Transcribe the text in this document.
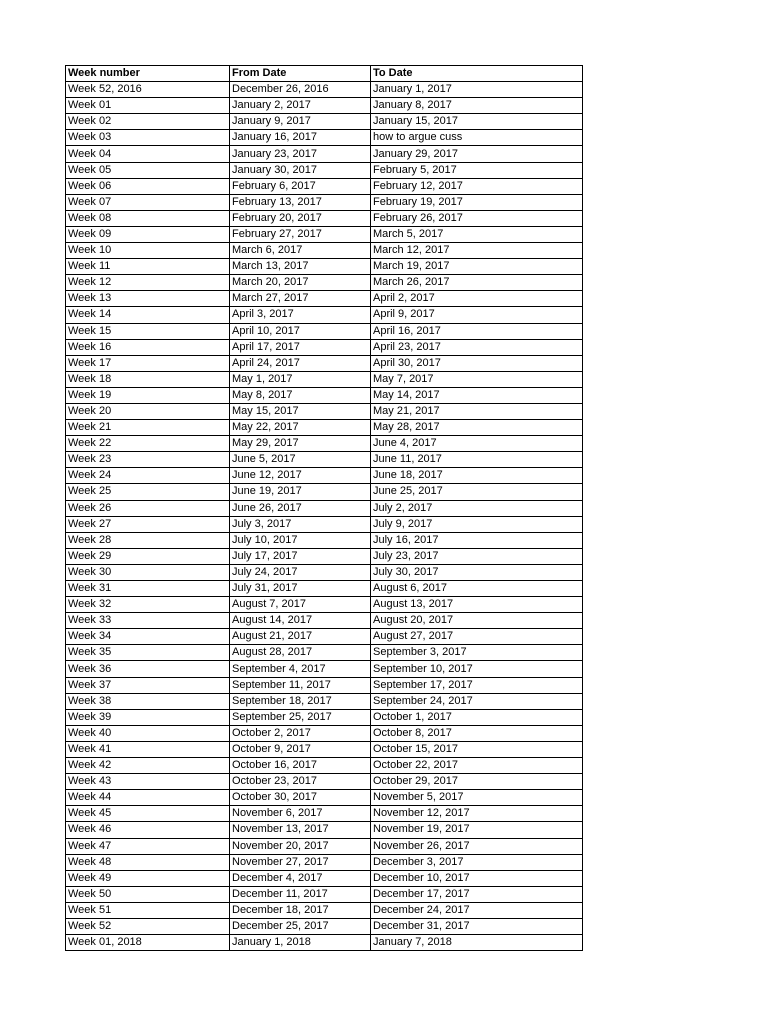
Week number	From Date	To Date
Week 52, 2016	December 26, 2016	January 1, 2017
Week 01	January 2, 2017	January 8, 2017
Week 02	January 9, 2017	January 15, 2017
Week 03	January 16, 2017	how to argue cuss
Week 04	January 23, 2017	January 29, 2017
Week 05	January 30, 2017	February 5, 2017
Week 06	February 6, 2017	February 12, 2017
Week 07	February 13, 2017	February 19, 2017
Week 08	February 20, 2017	February 26, 2017
Week 09	February 27, 2017	March 5, 2017
Week 10	March 6, 2017	March 12, 2017
Week 11	March 13, 2017	March 19, 2017
Week 12	March 20, 2017	March 26, 2017
Week 13	March 27, 2017	April 2, 2017
Week 14	April 3, 2017	April 9, 2017
Week 15	April 10, 2017	April 16, 2017
Week 16	April 17, 2017	April 23, 2017
Week 17	April 24, 2017	April 30, 2017
Week 18	May 1, 2017	May 7, 2017
Week 19	May 8, 2017	May 14, 2017
Week 20	May 15, 2017	May 21, 2017
Week 21	May 22, 2017	May 28, 2017
Week 22	May 29, 2017	June 4, 2017
Week 23	June 5, 2017	June 11, 2017
Week 24	June 12, 2017	June 18, 2017
Week 25	June 19, 2017	June 25, 2017
Week 26	June 26, 2017	July 2, 2017
Week 27	July 3, 2017	July 9, 2017
Week 28	July 10, 2017	July 16, 2017
Week 29	July 17, 2017	July 23, 2017
Week 30	July 24, 2017	July 30, 2017
Week 31	July 31, 2017	August 6, 2017
Week 32	August 7, 2017	August 13, 2017
Week 33	August 14, 2017	August 20, 2017
Week 34	August 21, 2017	August 27, 2017
Week 35	August 28, 2017	September 3, 2017
Week 36	September 4, 2017	September 10, 2017
Week 37	September 11, 2017	September 17, 2017
Week 38	September 18, 2017	September 24, 2017
Week 39	September 25, 2017	October 1, 2017
Week 40	October 2, 2017	October 8, 2017
Week 41	October 9, 2017	October 15, 2017
Week 42	October 16, 2017	October 22, 2017
Week 43	October 23, 2017	October 29, 2017
Week 44	October 30, 2017	November 5, 2017
Week 45	November 6, 2017	November 12, 2017
Week 46	November 13, 2017	November 19, 2017
Week 47	November 20, 2017	November 26, 2017
Week 48	November 27, 2017	December 3, 2017
Week 49	December 4, 2017	December 10, 2017
Week 50	December 11, 2017	December 17, 2017
Week 51	December 18, 2017	December 24, 2017
Week 52	December 25, 2017	December 31, 2017
Week 01, 2018	January 1, 2018	January 7, 2018
